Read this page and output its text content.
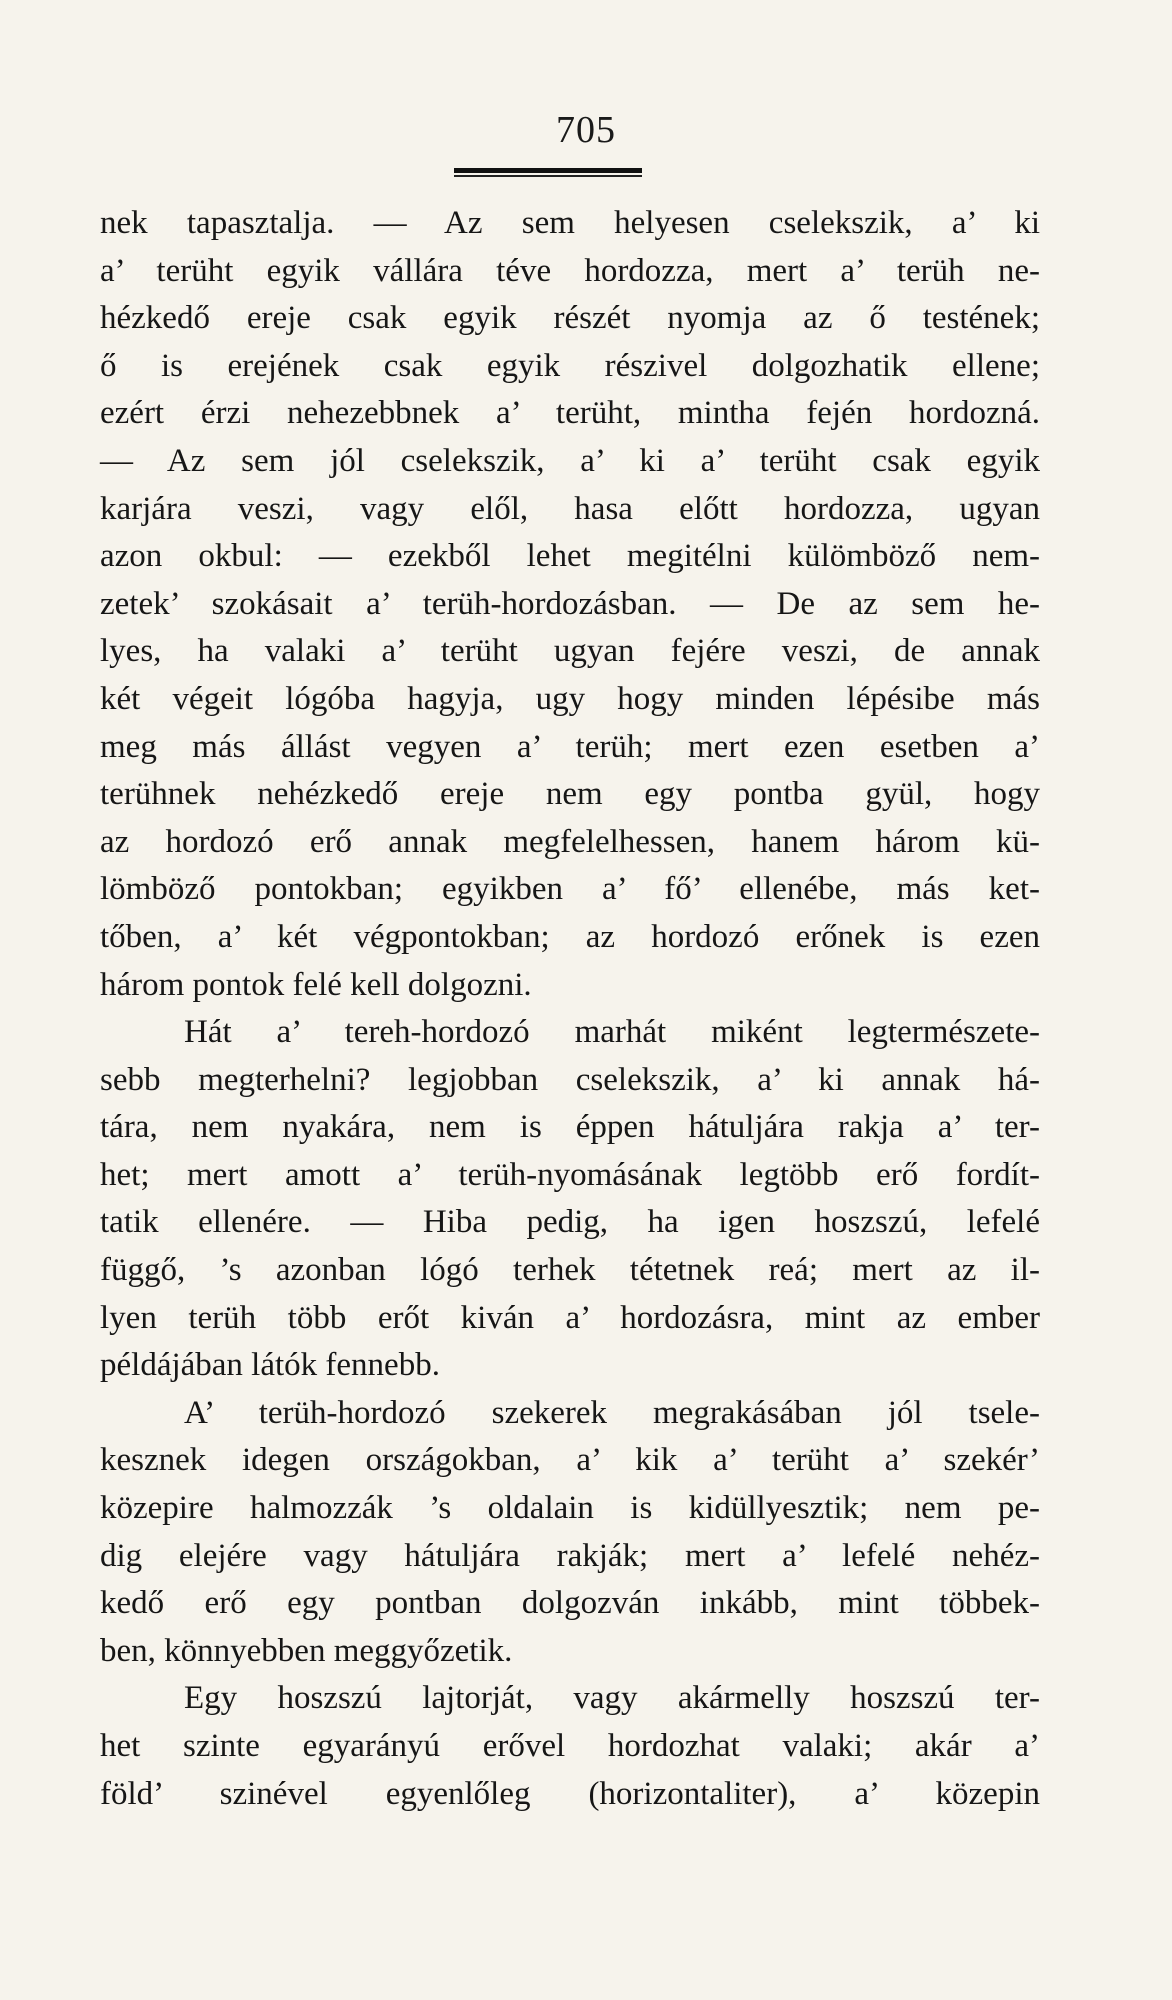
705
nek tapasztalja. — Az sem helyesen cselekszik, a’ ki
a’ terüht egyik vállára téve hordozza, mert a’ terüh ne-
hézkedő ereje csak egyik részét nyomja az ő testének;
ő is erejének csak egyik részivel dolgozhatik ellene;
ezért érzi nehezebbnek a’ terüht, mintha fején hordozná.
— Az sem jól cselekszik, a’ ki a’ terüht csak egyik
karjára veszi, vagy elől, hasa előtt hordozza, ugyan
azon okbul: — ezekből lehet megitélni külömböző nem-
zetek’ szokásait a’ terüh-hordozásban. — De az sem he-
lyes, ha valaki a’ terüht ugyan fejére veszi, de annak
két végeit lógóba hagyja, ugy hogy minden lépésibe más
meg más állást vegyen a’ terüh; mert ezen esetben a’
terühnek nehézkedő ereje nem egy pontba gyül, hogy
az hordozó erő annak megfelelhessen, hanem három kü-
lömböző pontokban; egyikben a’ fő’ ellenébe, más ket-
tőben, a’ két végpontokban; az hordozó erőnek is ezen
három pontok felé kell dolgozni.
Hát a’ tereh-hordozó marhát miként legtermészete-
sebb megterhelni? legjobban cselekszik, a’ ki annak há-
tára, nem nyakára, nem is éppen hátuljára rakja a’ ter-
het; mert amott a’ terüh-nyomásának legtöbb erő fordít-
tatik ellenére. — Hiba pedig, ha igen hoszszú, lefelé
függő, ’s azonban lógó terhek tétetnek reá; mert az il-
lyen terüh több erőt kiván a’ hordozásra, mint az ember
példájában látók fennebb.
A’ terüh-hordozó szekerek megrakásában jól tsele-
kesznek idegen országokban, a’ kik a’ terüht a’ szekér’
közepire halmozzák ’s oldalain is kidüllyesztik; nem pe-
dig elejére vagy hátuljára rakják; mert a’ lefelé nehéz-
kedő erő egy pontban dolgozván inkább, mint többek-
ben, könnyebben meggyőzetik.
Egy hoszszú lajtorját, vagy akármelly hoszszú ter-
het szinte egyarányú erővel hordozhat valaki; akár a’
föld’ szinével egyenlőleg (horizontaliter), a’ közepin
